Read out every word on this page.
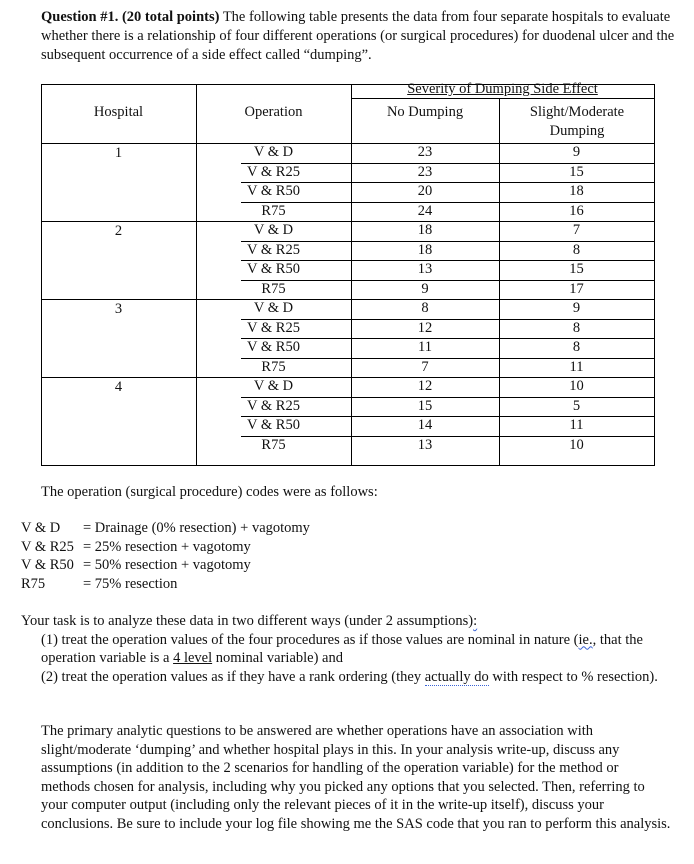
Question #1. (20 total points) The following table presents the data from four separate hospitals to evaluate whether there is a relationship of four different operations (or surgical procedures) for duodenal ulcer and the subsequent occurrence of a side effect called “dumping”.
Hospital	Operation
Severity of Dumping Side Effect
No Dumping	Slight/Moderate Dumping
1	V & D	23	9
V & R25	23	15
V & R50	20	18
R75	24	16
2	V & D	18	7
V & R25	18	8
V & R50	13	15
R75	9	17
3	V & D	8	9
V & R25	12	8
V & R50	11	8
R75	7	11
4	V & D	12	10
V & R25	15	5
V & R50	14	11
R75	13	10
The operation (surgical procedure) codes were as follows:
V & D = Drainage (0% resection) + vagotomy
V & R25 = 25% resection + vagotomy
V & R50 = 50% resection + vagotomy
R75	= 75% resection
Your task is to analyze these data in two different ways (under 2 assumptions):
(1) treat the operation values of the four procedures as if those values are nominal in nature (ie., that the operation variable is a 4 level nominal variable) and
(2) treat the operation values as if they have a rank ordering (they actually do with respect to % resection).
The primary analytic questions to be answered are whether operations have an association with slight/moderate ‘dumping’ and whether hospital plays in this. In your analysis write-up, discuss any assumptions (in addition to the 2 scenarios for handling of the operation variable) for the method or methods chosen for analysis, including why you picked any options that you selected. Then, referring to your computer output (including only the relevant pieces of it in the write-up itself), discuss your conclusions. Be sure to include your log file showing me the SAS code that you ran to perform this analysis.
